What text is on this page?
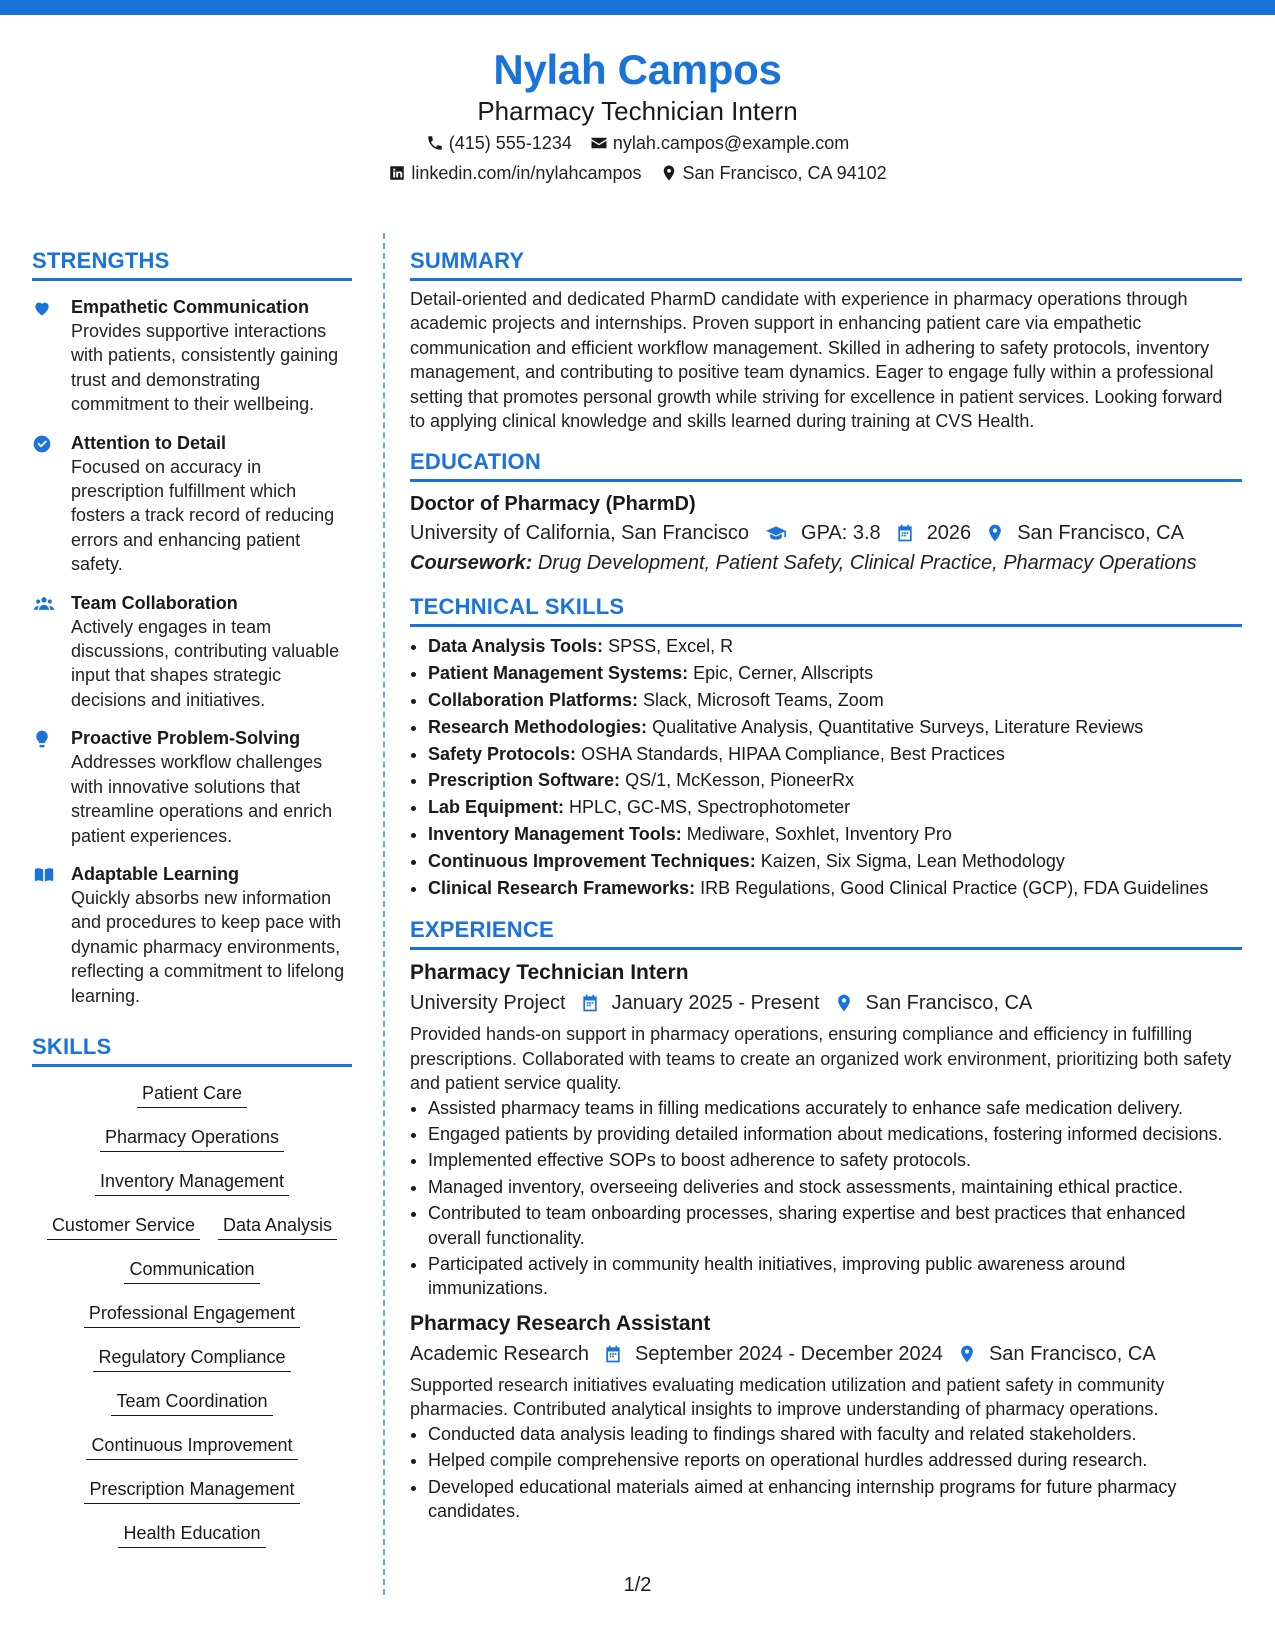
Nylah Campos
Pharmacy Technician Intern
(415) 555-1234 nylah.campos@example.com
linkedin.com/in/nylahcampos San Francisco, CA 94102
STRENGTHS
Empathetic Communication
Provides supportive interactions with patients, consistently gaining trust and demonstrating commitment to their wellbeing.
Attention to Detail
Focused on accuracy in prescription fulfillment which fosters a track record of reducing errors and enhancing patient safety.
Team Collaboration
Actively engages in team discussions, contributing valuable input that shapes strategic decisions and initiatives.
Proactive Problem-Solving
Addresses workflow challenges with innovative solutions that streamline operations and enrich patient experiences.
Adaptable Learning
Quickly absorbs new information and procedures to keep pace with dynamic pharmacy environments, reflecting a commitment to lifelong learning.
SKILLS
Patient Care
Pharmacy Operations
Inventory Management
Customer Service Data Analysis
Communication
Professional Engagement
Regulatory Compliance
Team Coordination
Continuous Improvement
Prescription Management
Health Education
SUMMARY
Detail-oriented and dedicated PharmD candidate with experience in pharmacy operations through academic projects and internships. Proven support in enhancing patient care via empathetic communication and efficient workflow management. Skilled in adhering to safety protocols, inventory management, and contributing to positive team dynamics. Eager to engage fully within a professional setting that promotes personal growth while striving for excellence in patient services. Looking forward to applying clinical knowledge and skills learned during training at CVS Health.
EDUCATION
Doctor of Pharmacy (PharmD)
University of California, San Francisco	GPA: 3.8 2026 San Francisco, CA
Coursework: Drug Development, Patient Safety, Clinical Practice, Pharmacy Operations
TECHNICAL SKILLS
• Data Analysis Tools: SPSS, Excel, R
• Patient Management Systems: Epic, Cerner, Allscripts
• Collaboration Platforms: Slack, Microsoft Teams, Zoom
• Research Methodologies: Qualitative Analysis, Quantitative Surveys, Literature Reviews
• Safety Protocols: OSHA Standards, HIPAA Compliance, Best Practices
• Prescription Software: QS/1, McKesson, PioneerRx
• Lab Equipment: HPLC, GC-MS, Spectrophotometer
• Inventory Management Tools: Mediware, Soxhlet, Inventory Pro
• Continuous Improvement Techniques: Kaizen, Six Sigma, Lean Methodology
• Clinical Research Frameworks: IRB Regulations, Good Clinical Practice (GCP), FDA Guidelines
EXPERIENCE
Pharmacy Technician Intern
University Project January 2025 - Present San Francisco, CA
Provided hands-on support in pharmacy operations, ensuring compliance and efficiency in fulfilling prescriptions. Collaborated with teams to create an organized work environment, prioritizing both safety and patient service quality.
• Assisted pharmacy teams in filling medications accurately to enhance safe medication delivery.
• Engaged patients by providing detailed information about medications, fostering informed decisions.
• Implemented effective SOPs to boost adherence to safety protocols.
• Managed inventory, overseeing deliveries and stock assessments, maintaining ethical practice.
• Contributed to team onboarding processes, sharing expertise and best practices that enhanced overall functionality.
• Participated actively in community health initiatives, improving public awareness around immunizations.
Pharmacy Research Assistant
Academic Research September 2024 - December 2024 San Francisco, CA
Supported research initiatives evaluating medication utilization and patient safety in community pharmacies. Contributed analytical insights to improve understanding of pharmacy operations.
• Conducted data analysis leading to findings shared with faculty and related stakeholders.
• Helped compile comprehensive reports on operational hurdles addressed during research.
• Developed educational materials aimed at enhancing internship programs for future pharmacy candidates.
1/2
